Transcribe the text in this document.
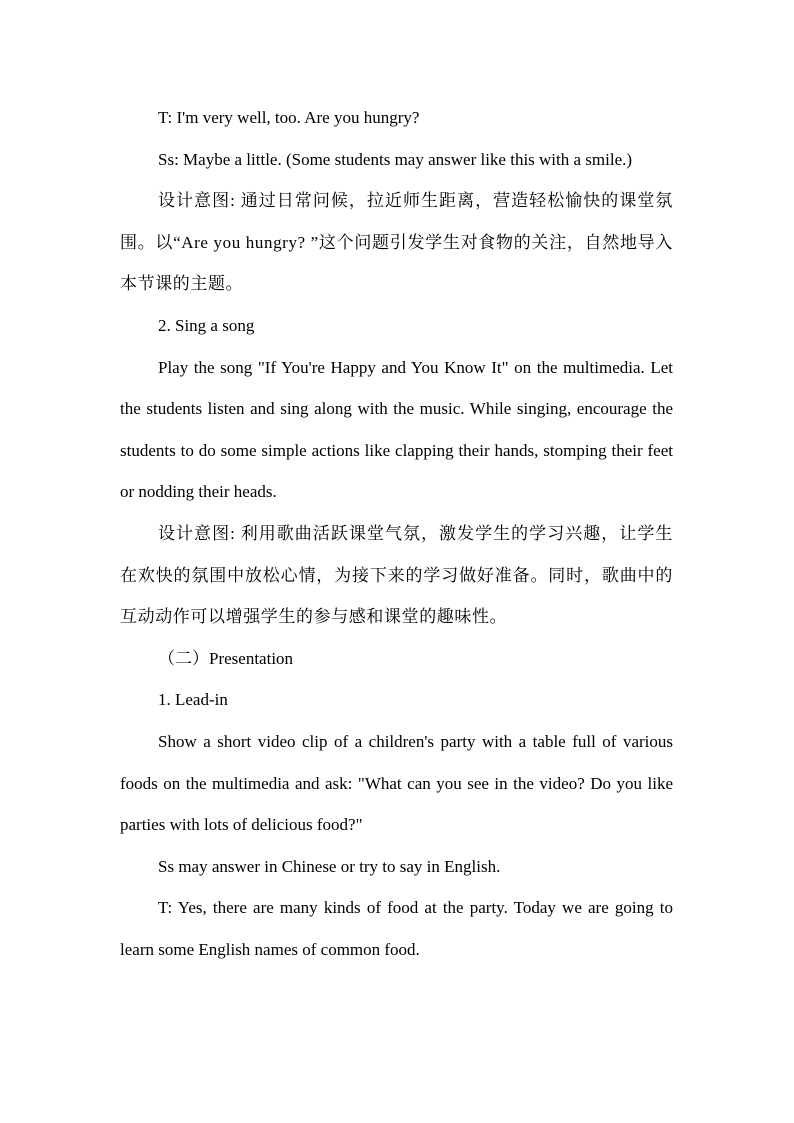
T: I'm very well, too. Are you hungry?

Ss: Maybe a little. (Some students may answer like this with a smile.)

设计意图: 通过日常问候，拉近师生距离，营造轻松愉快的课堂氛围。以“Are you hungry? ”这个问题引发学生对食物的关注，自然地导入本节课的主题。

2. Sing a song

Play the song "If You're Happy and You Know It" on the multimedia. Let the students listen and sing along with the music. While singing, encourage the students to do some simple actions like clapping their hands, stomping their feet or nodding their heads.

设计意图: 利用歌曲活跃课堂气氛，激发学生的学习兴趣，让学生在欢快的氛围中放松心情，为接下来的学习做好准备。同时，歌曲中的互动动作可以增强学生的参与感和课堂的趣味性。

（二）Presentation

1. Lead-in

Show a short video clip of a children's party with a table full of various foods on the multimedia and ask: "What can you see in the video? Do you like parties with lots of delicious food?"

Ss may answer in Chinese or try to say in English.

T: Yes, there are many kinds of food at the party. Today we are going to learn some English names of common food.
